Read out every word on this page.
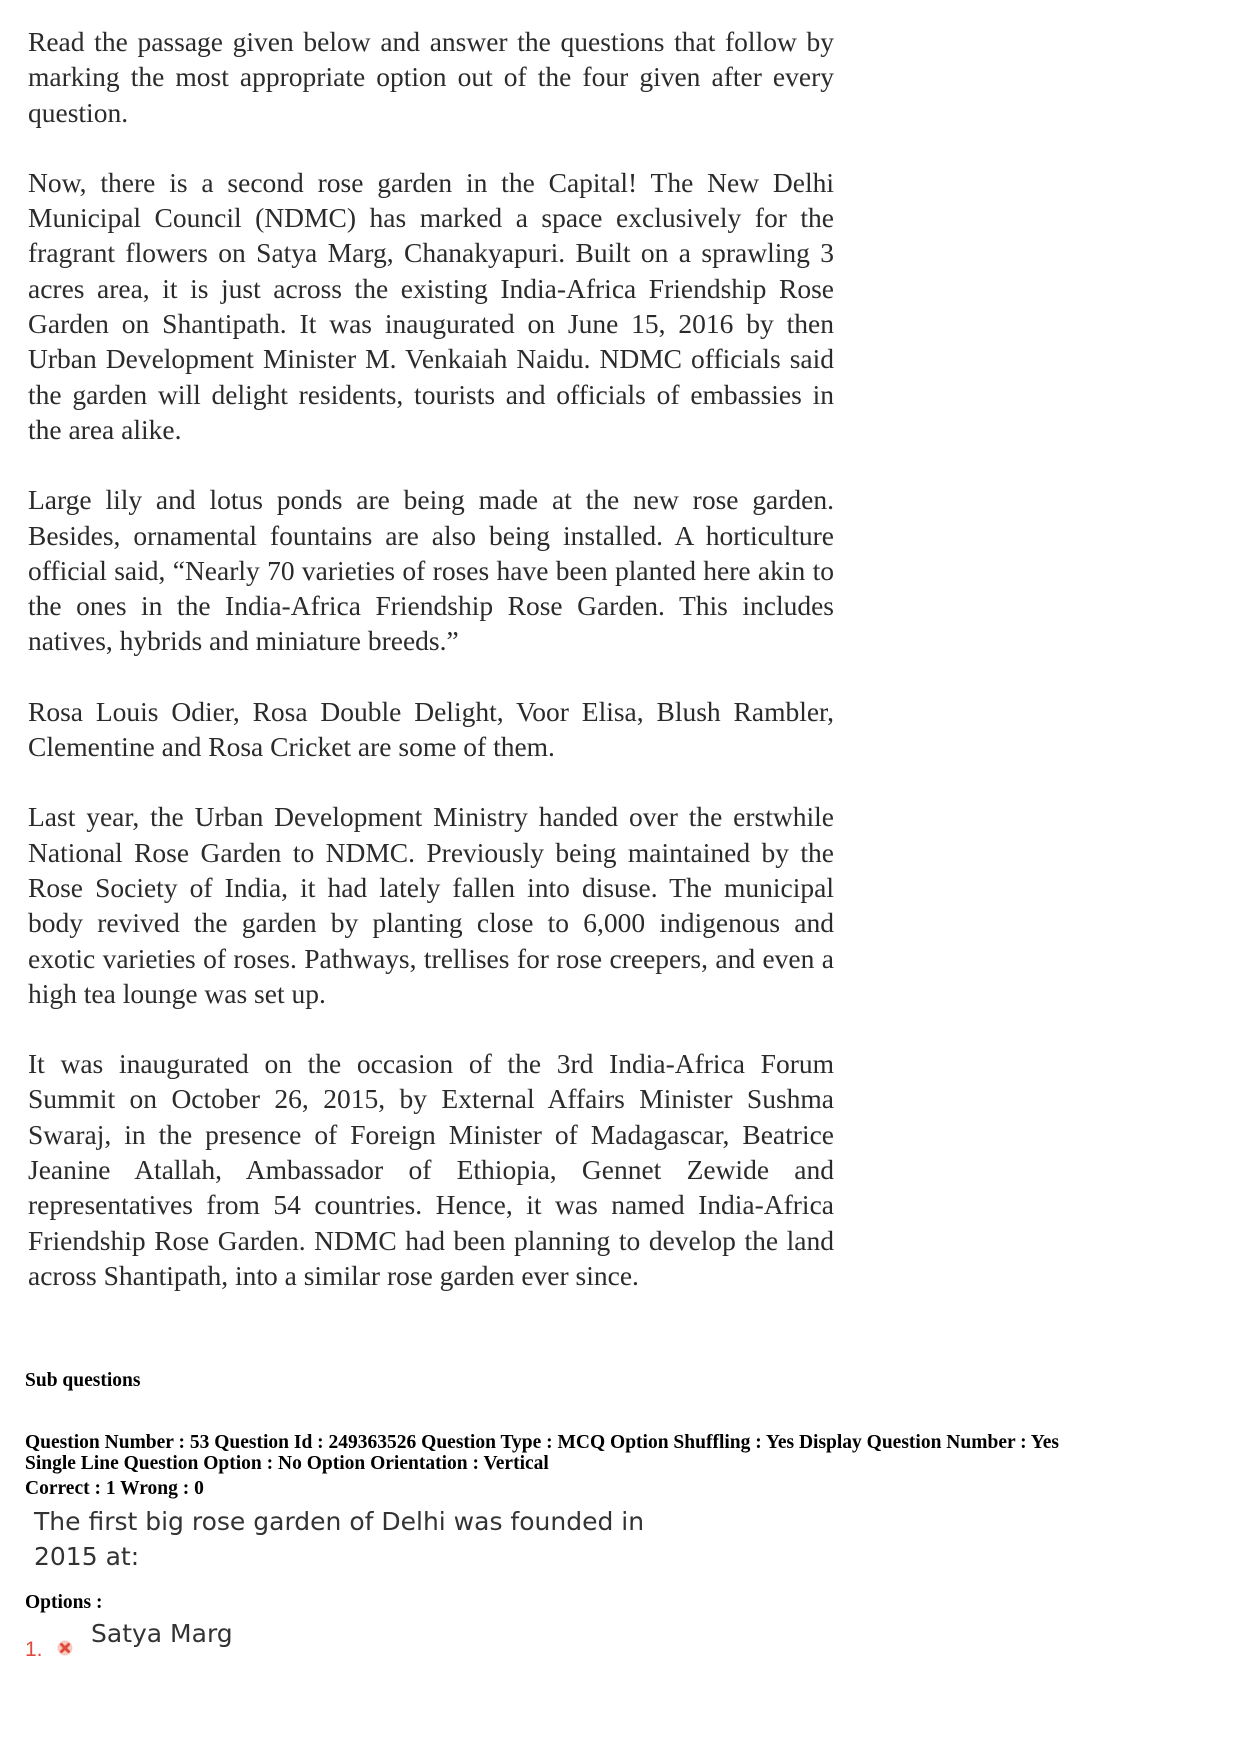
Read the passage given below and answer the questions that follow by marking the most appropriate option out of the four given after every question.

Now, there is a second rose garden in the Capital! The New Delhi Municipal Council (NDMC) has marked a space exclusively for the fragrant flowers on Satya Marg, Chanakyapuri. Built on a sprawling 3 acres area, it is just across the existing India-Africa Friendship Rose Garden on Shantipath. It was inaugurated on June 15, 2016 by then Urban Development Minister M. Venkaiah Naidu. NDMC officials said the garden will delight residents, tourists and officials of embassies in the area alike.

Large lily and lotus ponds are being made at the new rose garden. Besides, ornamental fountains are also being installed. A horticulture official said, “Nearly 70 varieties of roses have been planted here akin to the ones in the India-Africa Friendship Rose Garden. This includes natives, hybrids and miniature breeds.”

Rosa Louis Odier, Rosa Double Delight, Voor Elisa, Blush Rambler, Clementine and Rosa Cricket are some of them.

Last year, the Urban Development Ministry handed over the erstwhile National Rose Garden to NDMC. Previously being maintained by the Rose Society of India, it had lately fallen into disuse. The municipal body revived the garden by planting close to 6,000 indigenous and exotic varieties of roses. Pathways, trellises for rose creepers, and even a high tea lounge was set up.

It was inaugurated on the occasion of the 3rd India-Africa Forum Summit on October 26, 2015, by External Affairs Minister Sushma Swaraj, in the presence of Foreign Minister of Madagascar, Beatrice Jeanine Atallah, Ambassador of Ethiopia, Gennet Zewide and representatives from 54 countries. Hence, it was named India-Africa Friendship Rose Garden. NDMC had been planning to develop the land across Shantipath, into a similar rose garden ever since.

Sub questions
Question Number : 53 Question Id : 249363526 Question Type : MCQ Option Shuffling : Yes Display Question Number : Yes
Single Line Question Option : No Option Orientation : Vertical
Correct : 1 Wrong : 0
The first big rose garden of Delhi was founded in
2015 at:
Options :
1.
Satya Marg
